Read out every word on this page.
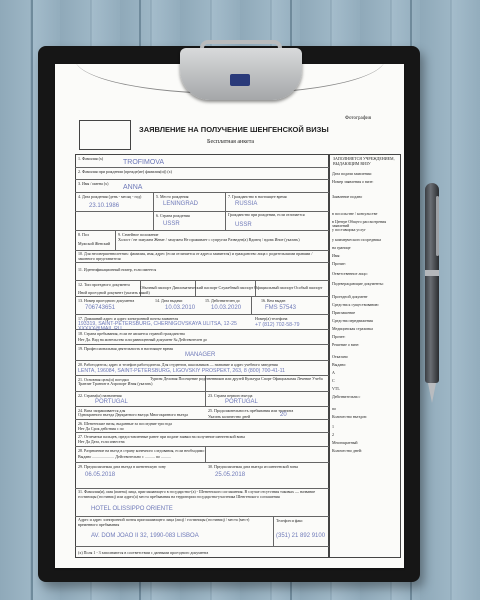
ЗАЯВЛЕНИЕ НА ПОЛУЧЕНИЕ ШЕНГЕНСКОЙ ВИЗЫ
Бесплатная анкета
Фотография
ЗАПОЛНЯЕТСЯ УЧРЕЖДЕНИЕМ, ВЫДАЮЩИМ ВИЗУ
1. Фамилия (x)
TROFIMOVA
2. Фамилия при рождении (прежде(ие) фамилия(и)) (x)
3. Имя / имена (x)
ANNA
4. Дата рождения (день - месяц - год)
23.10.1986
5. Место рождения
LENINGRAD
7. Гражданство в настоящее время
RUSSIA
6. Страна рождения
USSR
Гражданство при рождении, если отличается
USSR
8. Пол
Мужской Женский
9. Семейное положение
Холост / не замужем Женат / замужем Не проживает с супругом Разведен(а) Вдовец / вдова Иное (указать)
10. Для несовершеннолетних: фамилия, имя, адрес (если отличается от адреса заявителя) и гражданство лица с родительскими правами / законного представителя
11. Идентификационный номер, если имеется
12. Тип проездного документа
Обычный паспорт Дипломатический паспорт Служебный паспорт Официальный паспорт Особый паспорт Иной проездной документ (указать какой)
13. Номер проездного документа
706743651
14. Дата выдачи
10.03.2010
15. Действителен до
10.03.2020
16. Кем выдан
FMS 57543
17. Домашний адрес и адрес электронной почты заявителя
193319, SAINT-PETERSBURG, CHERNIGOVSKAYA ULITSA, 12-25
XXXXX@MAIL.RU
Номер(а) телефона
+7 (812) 702-58-79
18. Страна пребывания, если не является страной гражданства
Нет Да. Вид на жительство или равноценный документ № Действителен до
19. Профессиональная деятельность в настоящее время
MANAGER
20. Работодатель; адрес и телефон работодателя. Для студентов, школьников — название и адрес учебного заведения
LENTA, 196084, SAINT-PETERSBURG, LIGOVSKIY PROSPEKT, 263, 8 (800) 700-41-11
21. Основная цель(и) поездки	Туризм Деловая Посещение родственников или друзей Культура Спорт Официальная Лечение Учеба Транзит Транзит в Аэропорт Иная (указать)
22. Страна(ы) назначения
PORTUGAL
23. Страна первого въезда
PORTUGAL
24. Виза запрашивается для
Однократного въезда Двукратного въезда Многократного въезда
25. Продолжительность пребывания или транзита
Указать количество дней	20
26. Шенгенские визы, выданные за последние три года
Нет Да Срок действия с по
27. Отпечатки пальцев, предоставленные ранее при подаче заявки на получение шенгенской визы
Нет Да Дата, если известна
28. Разрешение на въезд в страну конечного следования, если необходимо
Выдано ...................... Действительно с .......... по ..........
29. Предполагаемая дата въезда в шенгенскую зону
06.05.2018
30. Предполагаемая дата выезда из шенгенской зоны
25.05.2018
31. Фамилия(и), имя (имена) лица, приглашающего в государство-(а) - Шенгенского соглашения. В случае отсутствия таковых — название гостиницы (гостиниц) или адрес(а) места пребывания на территории государства-участника Шенгенского соглашения
HOTEL OLISSIPPO ORIENTE
Адрес и адрес электронной почты приглашающего лица (лиц) / гостиницы (гостиниц) / места (мест) временного пребывания
AV. DOM JOAO II 32, 1990-083 LISBOA
Телефон и факс
(351) 21 892 9100
(x) Поля 1 - 3 заполняются в соответствии с данными проездного документа
Дата подачи заявления:
Номер заявления о визе:
Заявление подано
в посольстве / консульстве
в Центре Общего рассмотрения заявлений
у поставщика услуг
у коммерческого посредника
на границе
Имя:
Прочие:
Ответственное лицо:
Подтверждающие документы:
Проездной документ
Средства к существованию
Приглашение
Средства передвижения
Медицинская страховка
Прочее:
Решение о визе:
Отказано
Выдано:
A
C
VTL
Действительна с
по
Количество въездов:
1
2
Многократный
Количество дней:
